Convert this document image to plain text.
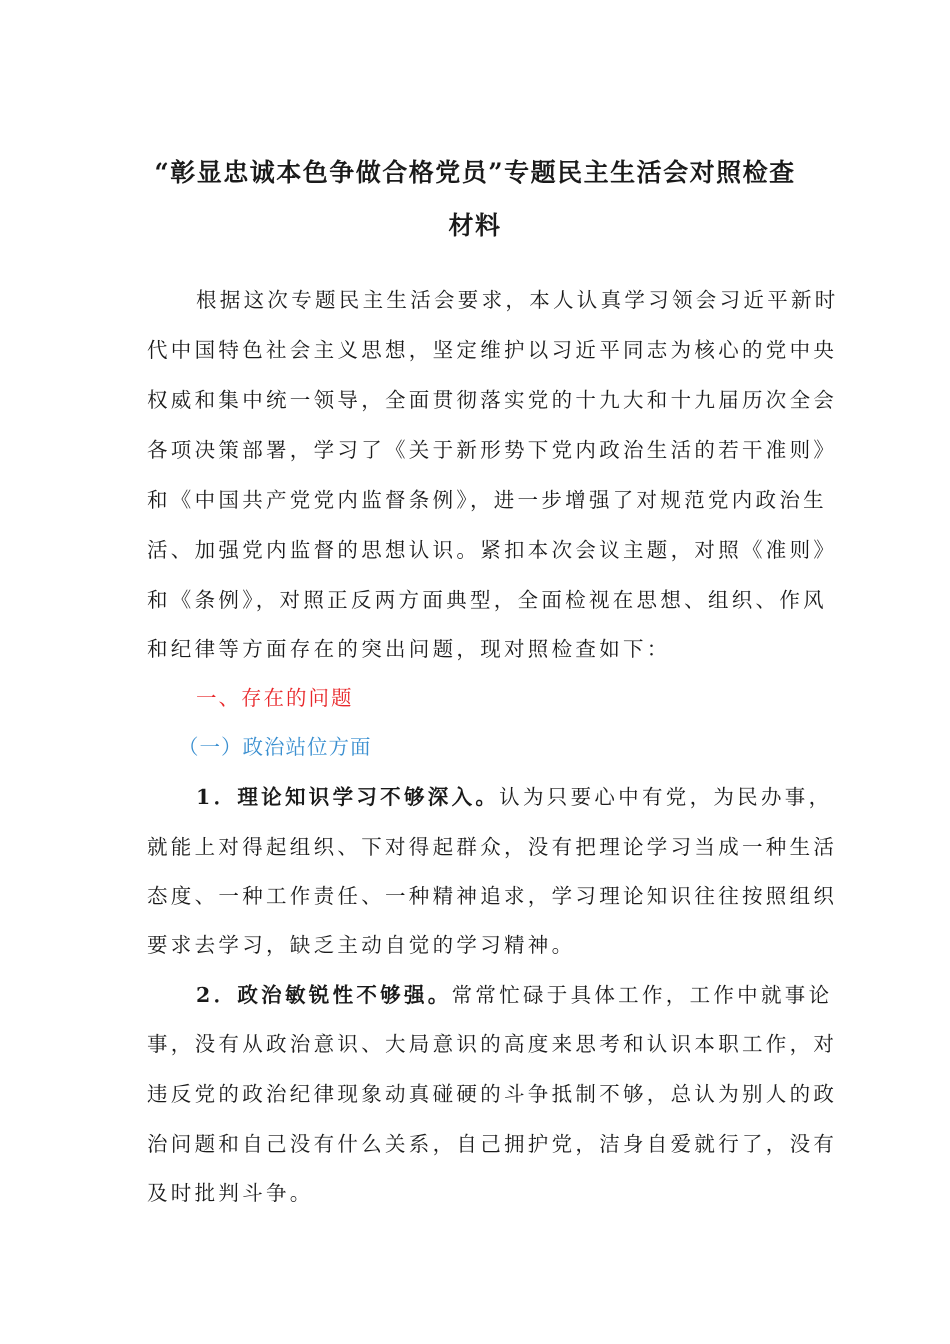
“彰显忠诚本色争做合格党员”专题民主生活会对照检查
材料
根据这次专题民主生活会要求，本人认真学习领会习近平新时
代中国特色社会主义思想，坚定维护以习近平同志为核心的党中央
权威和集中统一领导，全面贯彻落实党的十九大和十九届历次全会
各项决策部署，学习了《关于新形势下党内政治生活的若干准则》
和《中国共产党党内监督条例》，进一步增强了对规范党内政治生
活、加强党内监督的思想认识。紧扣本次会议主题，对照《准则》
和《条例》，对照正反两方面典型，全面检视在思想、组织、作风
和纪律等方面存在的突出问题，现对照检查如下：
一、存在的问题
（一）政治站位方面
1．理论知识学习不够深入。认为只要心中有党，为民办事，
就能上对得起组织、下对得起群众，没有把理论学习当成一种生活
态度、一种工作责任、一种精神追求，学习理论知识往往按照组织
要求去学习，缺乏主动自觉的学习精神。
2．政治敏锐性不够强。常常忙碌于具体工作，工作中就事论
事，没有从政治意识、大局意识的高度来思考和认识本职工作，对
违反党的政治纪律现象动真碰硬的斗争抵制不够，总认为别人的政
治问题和自己没有什么关系，自己拥护党，洁身自爱就行了，没有
及时批判斗争。
